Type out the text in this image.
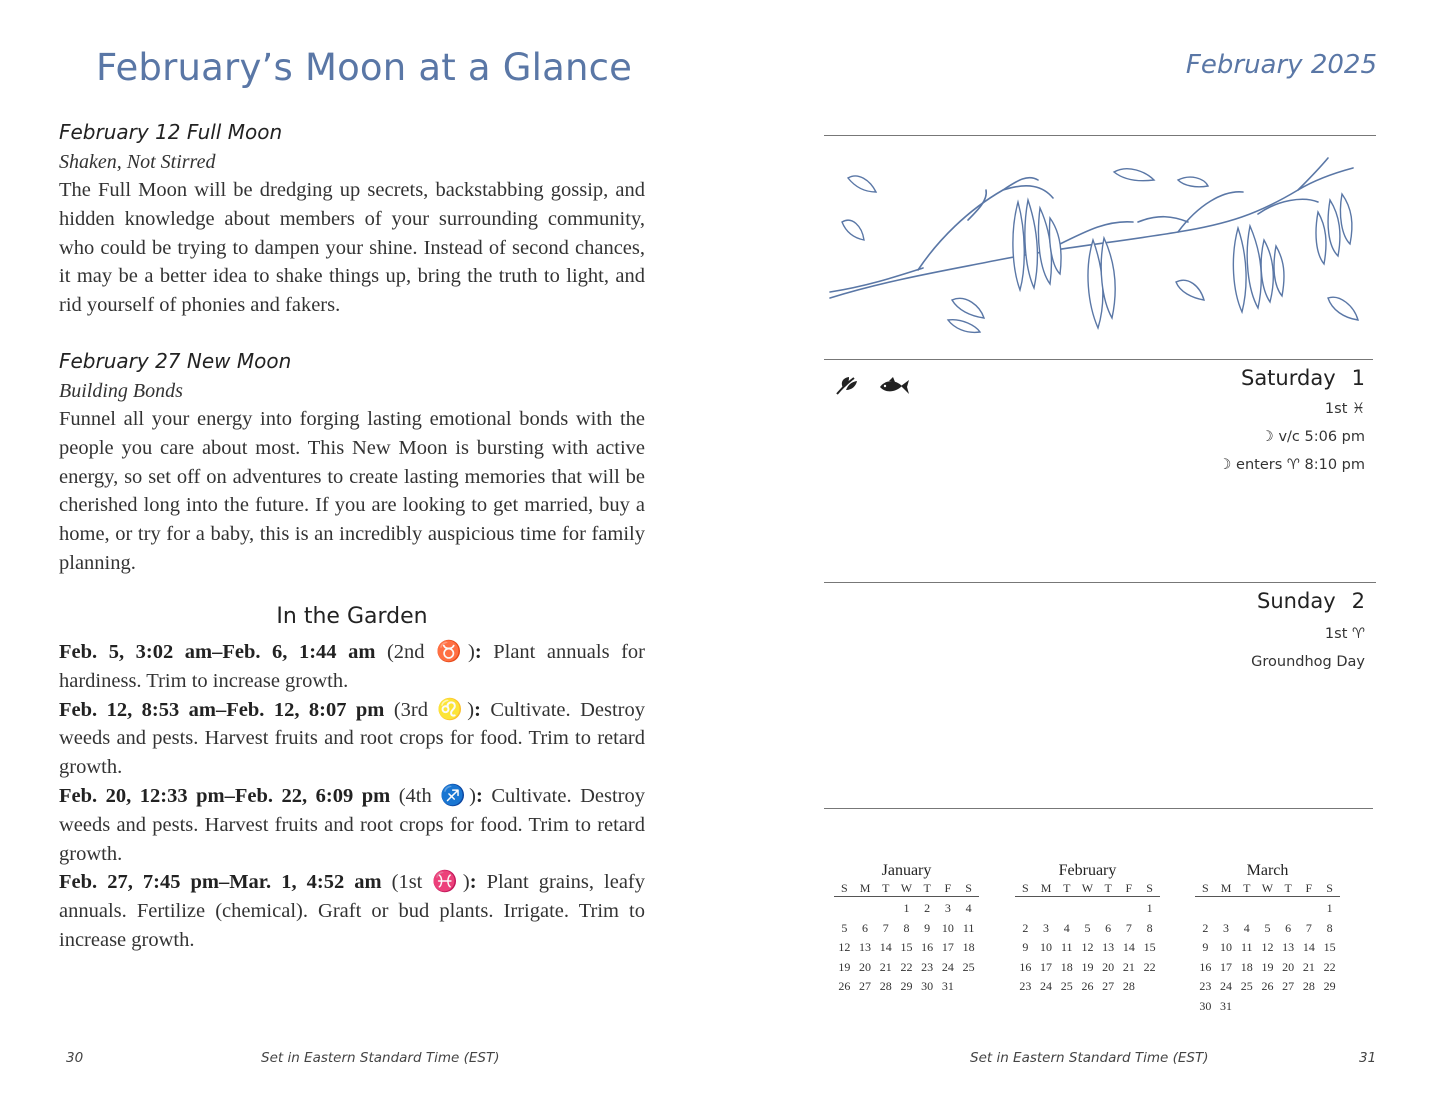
February’s Moon at a Glance
February 12 Full Moon
Shaken, Not Stirred
The Full Moon will be dredging up secrets, backstabbing gossip, and hidden knowledge about members of your surrounding community, who could be trying to dampen your shine. Instead of second chances, it may be a better idea to shake things up, bring the truth to light, and rid yourself of phonies and fakers.
February 27 New Moon
Building Bonds
Funnel all your energy into forging lasting emotional bonds with the people you care about most. This New Moon is bursting with active energy, so set off on adventures to create lasting memories that will be cherished long into the future. If you are looking to get married, buy a home, or try for a baby, this is an incredibly auspicious time for family planning.
In the Garden
Feb. 5, 3:02 am–Feb. 6, 1:44 am (2nd ♉): Plant annuals for hardiness. Trim to increase growth.
Feb. 12, 8:53 am–Feb. 12, 8:07 pm (3rd ♌): Cultivate. Destroy weeds and pests. Harvest fruits and root crops for food. Trim to retard growth.
Feb. 20, 12:33 pm–Feb. 22, 6:09 pm (4th ♐): Cultivate. Destroy weeds and pests. Harvest fruits and root crops for food. Trim to retard growth.
Feb. 27, 7:45 pm–Mar. 1, 4:52 am (1st ♓): Plant grains, leafy annuals. Fertilize (chemical). Graft or bud plants. Irrigate. Trim to increase growth.
30	Set in Eastern Standard Time (EST)
February 2025

Saturday 1
1st ♓
☽ v/c 5:06 pm
☽ enters ♈ 8:10 pm
Sunday 2
1st ♈
Groundhog Day
January
S	M	T	W	T	F	S
			1	2	3	4
5	6	7	8	9	10	11
12	13	14	15	16	17	18
19	20	21	22	23	24	25
26	27	28	29	30	31	
February
S	M	T	W	T	F	S
						1
2	3	4	5	6	7	8
9	10	11	12	13	14	15
16	17	18	19	20	21	22
23	24	25	26	27	28	
March
S	M	T	W	T	F	S
						1
2	3	4	5	6	7	8
9	10	11	12	13	14	15
16	17	18	19	20	21	22
23	24	25	26	27	28	29
30	31					
Set in Eastern Standard Time (EST)	31
